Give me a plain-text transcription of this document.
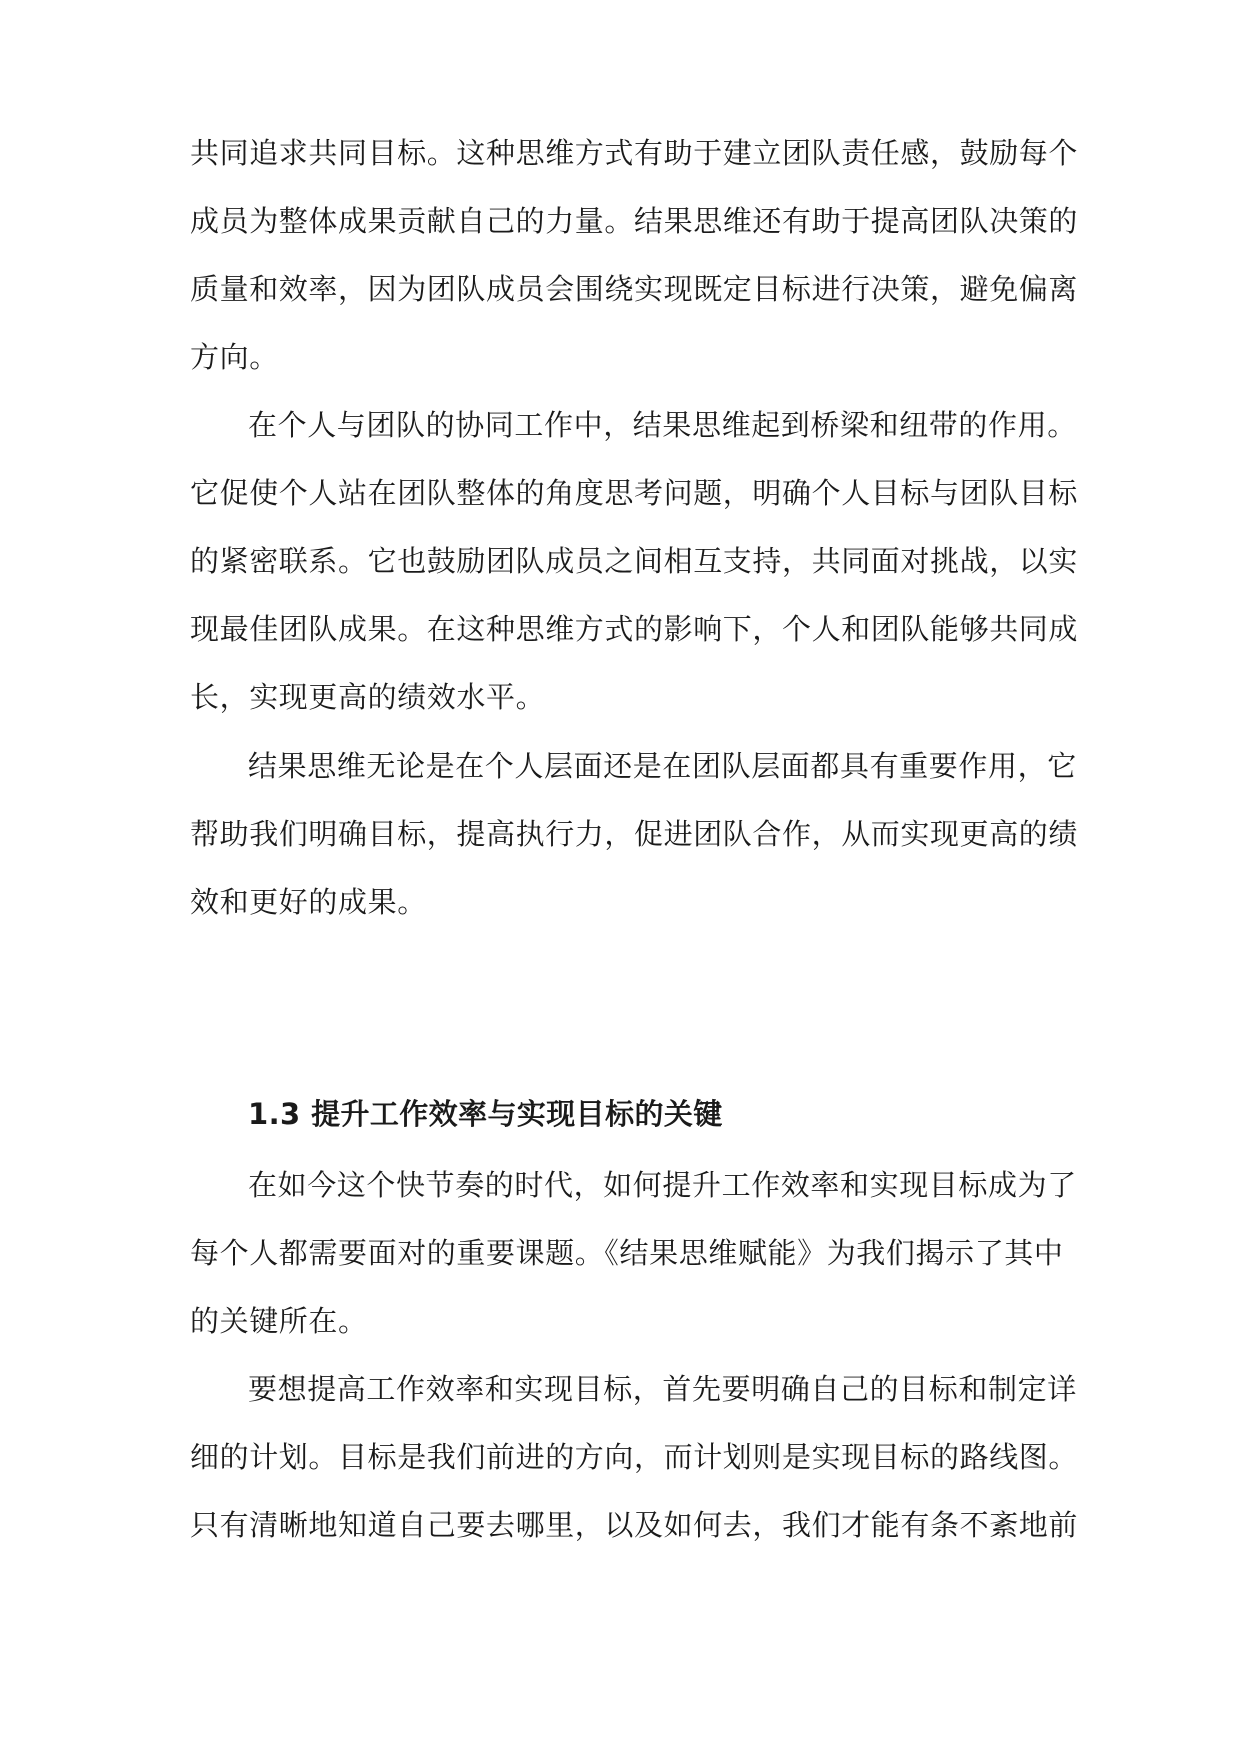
共同追求共同目标。这种思维方式有助于建立团队责任感，鼓励每个
成员为整体成果贡献自己的力量。结果思维还有助于提高团队决策的
质量和效率，因为团队成员会围绕实现既定目标进行决策，避免偏离
方向。
在个人与团队的协同工作中，结果思维起到桥梁和纽带的作用。
它促使个人站在团队整体的角度思考问题，明确个人目标与团队目标
的紧密联系。它也鼓励团队成员之间相互支持，共同面对挑战，以实
现最佳团队成果。在这种思维方式的影响下，个人和团队能够共同成
长，实现更高的绩效水平。
结果思维无论是在个人层面还是在团队层面都具有重要作用，它
帮助我们明确目标，提高执行力，促进团队合作，从而实现更高的绩
效和更好的成果。
1.3 提升工作效率与实现目标的关键
在如今这个快节奏的时代，如何提升工作效率和实现目标成为了
每个人都需要面对的重要课题。《结果思维赋能》为我们揭示了其中
的关键所在。
要想提高工作效率和实现目标，首先要明确自己的目标和制定详
细的计划。目标是我们前进的方向，而计划则是实现目标的路线图。
只有清晰地知道自己要去哪里，以及如何去，我们才能有条不紊地前
